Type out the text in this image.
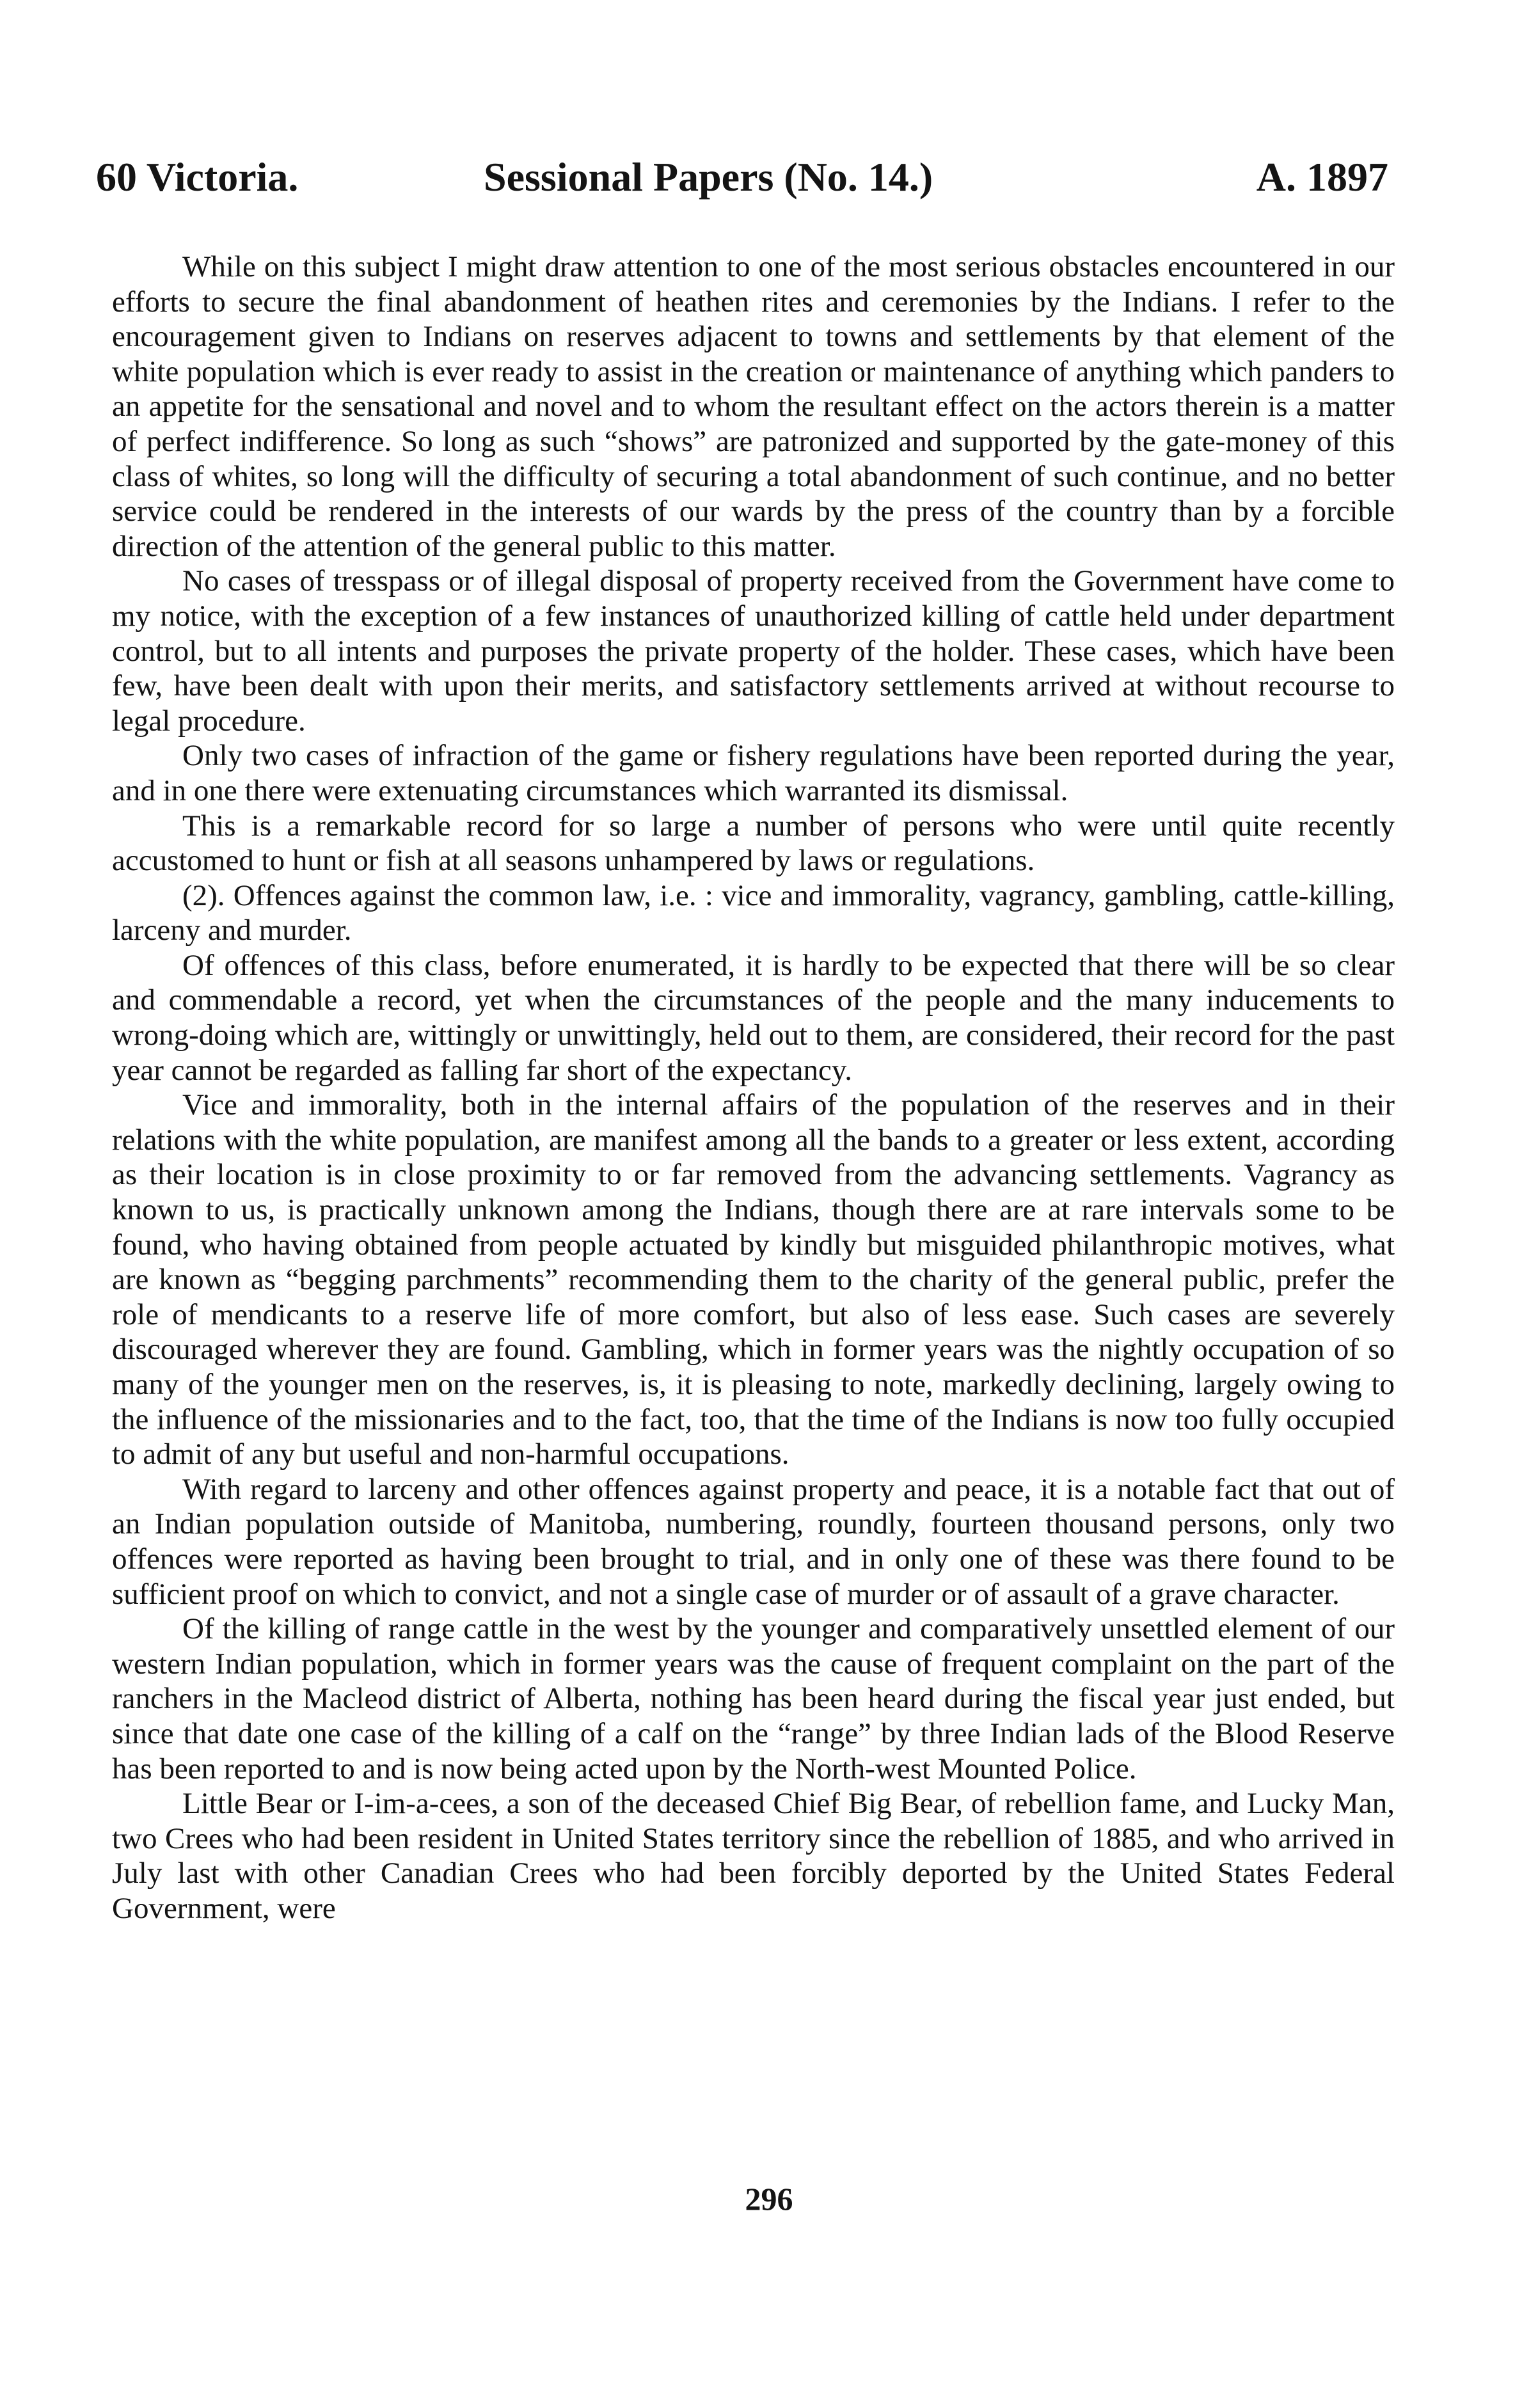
60 Victoria.	Sessional Papers (No. 14.)	A. 1897

While on this subject I might draw attention to one of the most serious obstacles encountered in our efforts to secure the final abandonment of heathen rites and ceremonies by the Indians. I refer to the encouragement given to Indians on reserves adjacent to towns and settlements by that element of the white population which is ever ready to assist in the creation or maintenance of anything which panders to an appetite for the sensational and novel and to whom the resultant effect on the actors therein is a matter of perfect indifference. So long as such “shows” are patronized and supported by the gate-money of this class of whites, so long will the difficulty of securing a total abandonment of such continue, and no better service could be rendered in the interests of our wards by the press of the country than by a forcible direction of the attention of the general public to this matter.

No cases of tresspass or of illegal disposal of property received from the Government have come to my notice, with the exception of a few instances of unauthorized killing of cattle held under department control, but to all intents and purposes the private property of the holder. These cases, which have been few, have been dealt with upon their merits, and satisfactory settlements arrived at without recourse to legal procedure.

Only two cases of infraction of the game or fishery regulations have been reported during the year, and in one there were extenuating circumstances which warranted its dismissal.

This is a remarkable record for so large a number of persons who were until quite recently accustomed to hunt or fish at all seasons unhampered by laws or regulations.

(2). Offences against the common law, i.e. : vice and immorality, vagrancy, gambling, cattle-killing, larceny and murder.

Of offences of this class, before enumerated, it is hardly to be expected that there will be so clear and commendable a record, yet when the circumstances of the people and the many inducements to wrong-doing which are, wittingly or unwittingly, held out to them, are considered, their record for the past year cannot be regarded as falling far short of the expectancy.

Vice and immorality, both in the internal affairs of the population of the reserves and in their relations with the white population, are manifest among all the bands to a greater or less extent, according as their location is in close proximity to or far removed from the advancing settlements. Vagrancy as known to us, is practically unknown among the Indians, though there are at rare intervals some to be found, who having obtained from people actuated by kindly but misguided philanthropic motives, what are known as “begging parchments” recommending them to the charity of the general public, prefer the role of mendicants to a reserve life of more comfort, but also of less ease. Such cases are severely discouraged wherever they are found. Gambling, which in former years was the nightly occupation of so many of the younger men on the reserves, is, it is pleasing to note, markedly declining, largely owing to the influence of the missionaries and to the fact, too, that the time of the Indians is now too fully occupied to admit of any but useful and non-harmful occupations.

With regard to larceny and other offences against property and peace, it is a notable fact that out of an Indian population outside of Manitoba, numbering, roundly, fourteen thousand persons, only two offences were reported as having been brought to trial, and in only one of these was there found to be sufficient proof on which to convict, and not a single case of murder or of assault of a grave character.

Of the killing of range cattle in the west by the younger and comparatively unsettled element of our western Indian population, which in former years was the cause of frequent complaint on the part of the ranchers in the Macleod district of Alberta, nothing has been heard during the fiscal year just ended, but since that date one case of the killing of a calf on the “range” by three Indian lads of the Blood Reserve has been reported to and is now being acted upon by the North-west Mounted Police.

Little Bear or I-im-a-cees, a son of the deceased Chief Big Bear, of rebellion fame, and Lucky Man, two Crees who had been resident in United States territory since the rebellion of 1885, and who arrived in July last with other Canadian Crees who had been forcibly deported by the United States Federal Government, were

296
